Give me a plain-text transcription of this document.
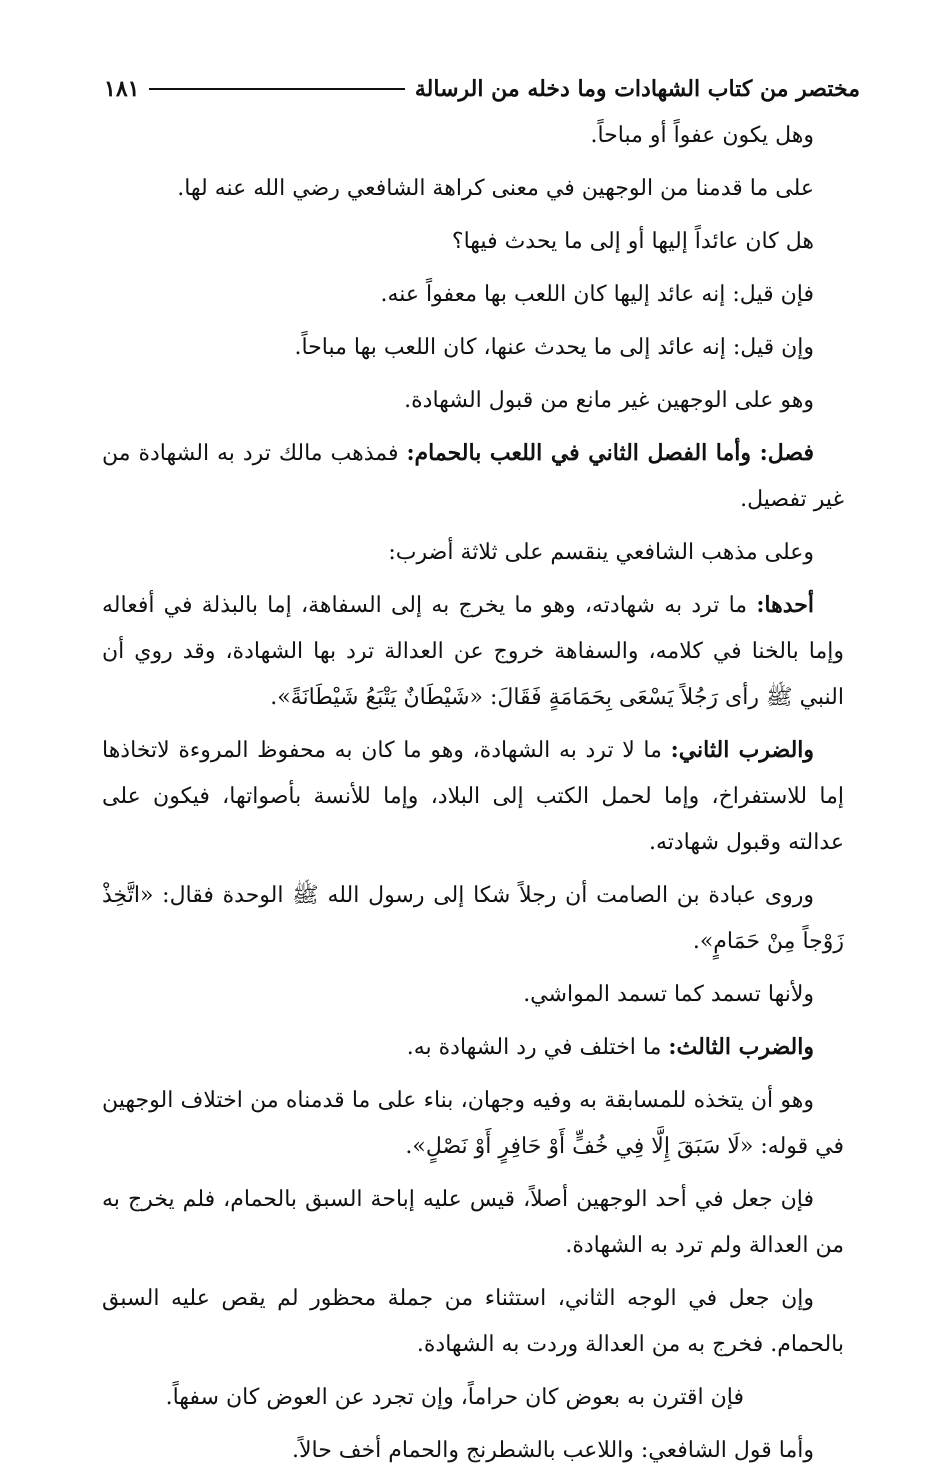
مختصر من كتاب الشهادات وما دخله من الرسالة
١٨١

وهل يكون عفواً أو مباحاً.

على ما قدمنا من الوجهين في معنى كراهة الشافعي رضي الله عنه لها.

هل كان عائداً إليها أو إلى ما يحدث فيها؟

فإن قيل: إنه عائد إليها كان اللعب بها معفواً عنه.

وإن قيل: إنه عائد إلى ما يحدث عنها، كان اللعب بها مباحاً.

وهو على الوجهين غير مانع من قبول الشهادة.

فصل: وأما الفصل الثاني في اللعب بالحمام: فمذهب مالك ترد به الشهادة من غير تفصيل.

وعلى مذهب الشافعي ينقسم على ثلاثة أضرب:

أحدها: ما ترد به شهادته، وهو ما يخرج به إلى السفاهة، إما بالبذلة في أفعاله وإما بالخنا في كلامه، والسفاهة خروج عن العدالة ترد بها الشهادة، وقد روي أن النبي ﷺ رأى رَجُلاً يَسْعَى بِحَمَامَةٍ فَقَالَ: «شَيْطَانٌ يَتْبَعُ شَيْطَانَةً».

والضرب الثاني: ما لا ترد به الشهادة، وهو ما كان به محفوظ المروءة لاتخاذها إما للاستفراخ، وإما لحمل الكتب إلى البلاد، وإما للأنسة بأصواتها، فيكون على عدالته وقبول شهادته.

وروى عبادة بن الصامت أن رجلاً شكا إلى رسول الله ﷺ الوحدة فقال: «اتَّخِذْ زَوْجاً مِنْ حَمَامٍ».

ولأنها تسمد كما تسمد المواشي.

والضرب الثالث: ما اختلف في رد الشهادة به.

وهو أن يتخذه للمسابقة به وفيه وجهان، بناء على ما قدمناه من اختلاف الوجهين في قوله: «لَا سَبَقَ إِلَّا فِي خُفٍّ أَوْ حَافِرٍ أَوْ نَصْلٍ».

فإن جعل في أحد الوجهين أصلاً، قيس عليه إباحة السبق بالحمام، فلم يخرج به من العدالة ولم ترد به الشهادة.

وإن جعل في الوجه الثاني، استثناء من جملة محظور لم يقص عليه السبق بالحمام. فخرج به من العدالة وردت به الشهادة.

فإن اقترن به بعوض كان حراماً، وإن تجرد عن العوض كان سفهاً.

وأما قول الشافعي: واللاعب بالشطرنج والحمام أخف حالاً.
